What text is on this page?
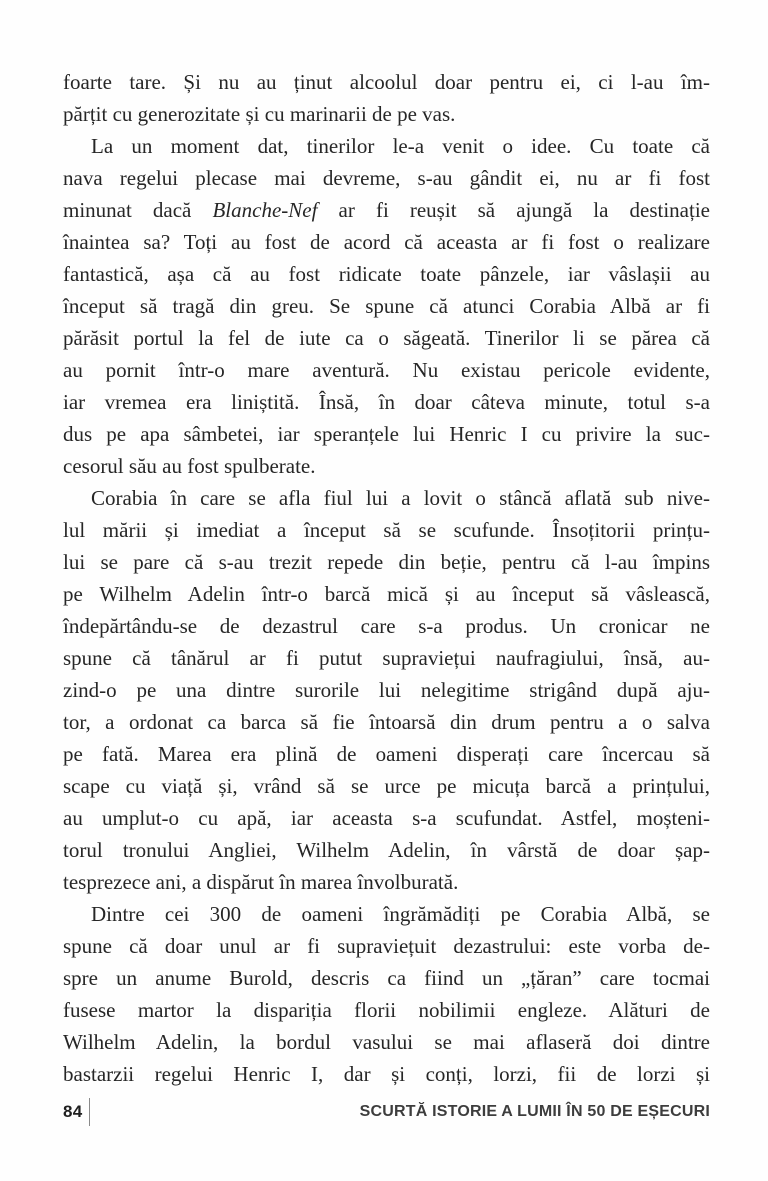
foarte tare. Și nu au ținut alcoolul doar pentru ei, ci l-au îm-
părțit cu generozitate și cu marinarii de pe vas.
La un moment dat, tinerilor le-a venit o idee. Cu toate că
nava regelui plecase mai devreme, s-au gândit ei, nu ar fi fost
minunat dacă Blanche-Nef ar fi reușit să ajungă la destinație
înaintea sa? Toți au fost de acord că aceasta ar fi fost o realizare
fantastică, așa că au fost ridicate toate pânzele, iar vâslașii au
început să tragă din greu. Se spune că atunci Corabia Albă ar fi
părăsit portul la fel de iute ca o săgeată. Tinerilor li se părea că
au pornit într-o mare aventură. Nu existau pericole evidente,
iar vremea era liniștită. Însă, în doar câteva minute, totul s-a
dus pe apa sâmbetei, iar speranțele lui Henric I cu privire la suc-
cesorul său au fost spulberate.
Corabia în care se afla fiul lui a lovit o stâncă aflată sub nive-
lul mării și imediat a început să se scufunde. Însoțitorii prințu-
lui se pare că s-au trezit repede din beție, pentru că l-au împins
pe Wilhelm Adelin într-o barcă mică și au început să vâslească,
îndepărtându-se de dezastrul care s-a produs. Un cronicar ne
spune că tânărul ar fi putut supraviețui naufragiului, însă, au-
zind-o pe una dintre surorile lui nelegitime strigând după aju-
tor, a ordonat ca barca să fie întoarsă din drum pentru a o salva
pe fată. Marea era plină de oameni disperați care încercau să
scape cu viață și, vrând să se urce pe micuța barcă a prințului,
au umplut-o cu apă, iar aceasta s-a scufundat. Astfel, moșteni-
torul tronului Angliei, Wilhelm Adelin, în vârstă de doar șap-
tesprezece ani, a dispărut în marea învolburată.
Dintre cei 300 de oameni îngrămădiți pe Corabia Albă, se
spune că doar unul ar fi supraviețuit dezastrului: este vorba de-
spre un anume Burold, descris ca fiind un „țăran” care tocmai
fusese martor la dispariția florii nobilimii engleze. Alături de
Wilhelm Adelin, la bordul vasului se mai aflaseră doi dintre
bastarzii regelui Henric I, dar și conți, lorzi, fii de lorzi și
84	SCURTĂ ISTORIE A LUMII ÎN 50 DE EȘECURI
